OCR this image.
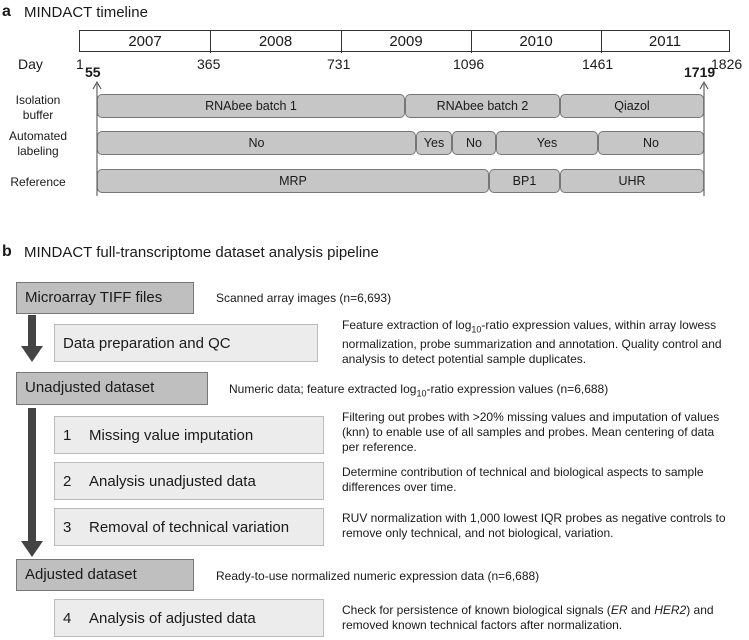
a MINDACT timeline
2007	2008	2009	2010	2011
Day 1	365	731	1096	1461	1826
55	1719
Isolation buffer
RNAbee batch 1	RNAbee batch 2	Qiazol
Automated labeling
No	Yes	No	Yes	No
Reference	MRP	BP1	UHR
b MINDACT full-transcriptome dataset analysis pipeline
Microarray TIFF files	Scanned array images (n=6,693)
Data preparation and QC
Feature extraction of $\log_{10}$-ratio expression values, within array lowess normalization, probe summarization and annotation. Quality control and analysis to detect potential sample duplicates.
Unadjusted dataset	Numeric data; feature extracted $\log_{10}$-ratio expression values (n=6,688)
1	Missing value imputation
Filtering out probes with >20% missing values and imputation of values (knn) to enable use of all samples and probes. Mean centering of data per reference.
2	Analysis unadjusted data
Determine contribution of technical and biological aspects to sample differences over time.
3	Removal of technical variation
RUV normalization with 1,000 lowest IQR probes as negative controls to remove only technical, and not biological, variation.
Adjusted dataset	Ready-to-use normalized numeric expression data (n=6,688)
4	Analysis of adjusted data	Check for persistence of known biological signals (ER and HER2) and removed known technical factors after normalization.
